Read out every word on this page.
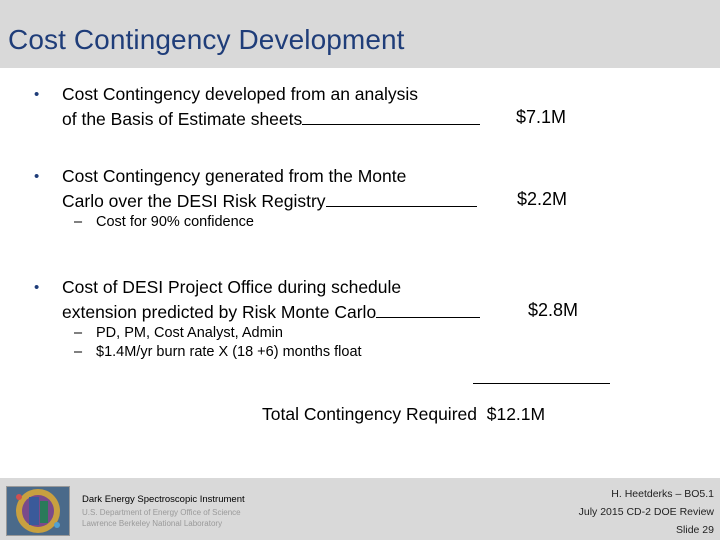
Cost Contingency Development
• Cost Contingency developed from an analysis
of the Basis of Estimate sheets	$7.1M
• Cost Contingency generated from the Monte
Carlo over the DESI Risk Registry	$2.2M
– Cost for 90% confidence
• Cost of DESI Project Office during schedule
extension predicted by Risk Monte Carlo	$2.8M
– PD, PM, Cost Analyst, Admin
– $1.4M/yr burn rate X (18 +6) months float
Total Contingency Required $12.1M
Dark Energy Spectroscopic Instrument
U.S. Department of Energy Office of Science
Lawrence Berkeley National Laboratory
H. Heetderks – BO5.1
July 2015 CD-2 DOE Review
Slide 29
